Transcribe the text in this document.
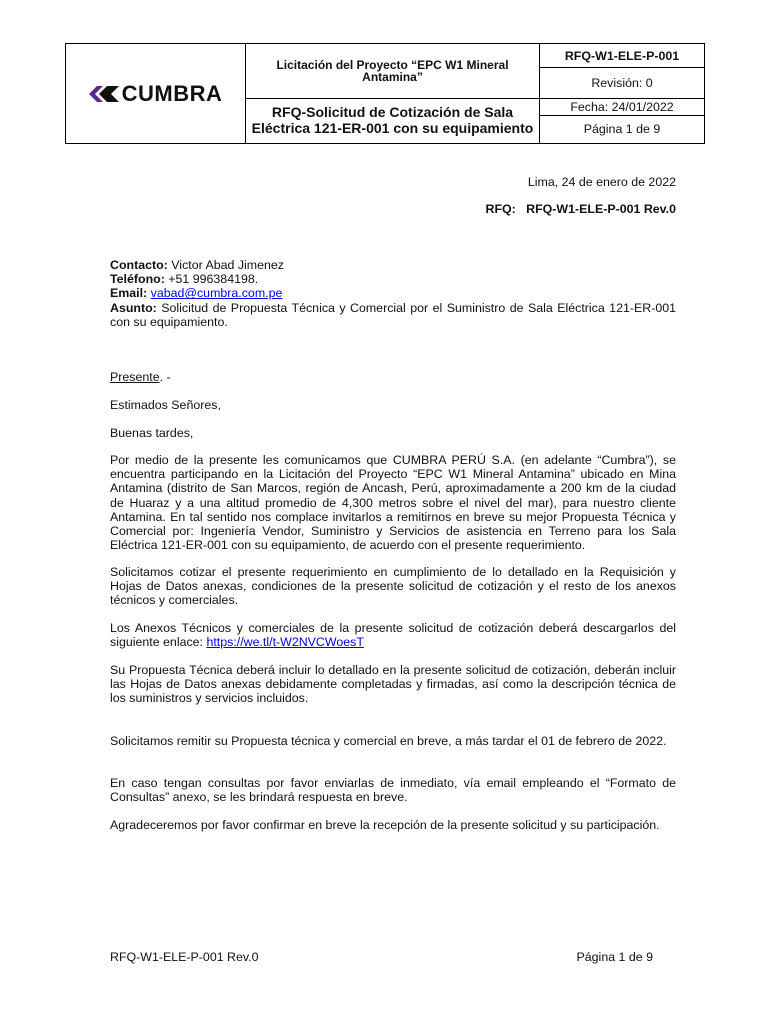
CUMBRA	Licitación del Proyecto “EPC W1 Mineral Antamina”	RFQ-W1-ELE-P-001
		Revisión: 0

	RFQ-Solicitud de Cotización de Sala Eléctrica 121-ER-001 con su equipamiento	Fecha: 24/01/2022
		Página 1 de 9
Lima, 24 de enero de 2022
RFQ: RFQ-W1-ELE-P-001 Rev.0
Contacto: Victor Abad Jimenez
Teléfono: +51 996384198.
Email: vabad@cumbra.com.pe
Asunto: Solicitud de Propuesta Técnica y Comercial por el Suministro de Sala Eléctrica 121-ER-001 con su equipamiento.
Presente. -
Estimados Señores,
Buenas tardes,

Por medio de la presente les comunicamos que CUMBRA PERÚ S.A. (en adelante “Cumbra”), se encuentra participando en la Licitación del Proyecto “EPC W1 Mineral Antamina” ubicado en Mina Antamina (distrito de San Marcos, región de Ancash, Perú, aproximadamente a 200 km de la ciudad de Huaraz y a una altitud promedio de 4,300 metros sobre el nivel del mar), para nuestro cliente Antamina. En tal sentido nos complace invitarlos a remitirnos en breve su mejor Propuesta Técnica y Comercial por: Ingeniería Vendor, Suministro y Servicios de asistencia en Terreno para los Sala Eléctrica 121-ER-001 con su equipamiento, de acuerdo con el presente requerimiento.

Solicitamos cotizar el presente requerimiento en cumplimiento de lo detallado en la Requisición y Hojas de Datos anexas, condiciones de la presente solicitud de cotización y el resto de los anexos técnicos y comerciales.

Los Anexos Técnicos y comerciales de la presente solicitud de cotización deberá descargarlos del siguiente enlace: https://we.tl/t-W2NVCWoesT

Su Propuesta Técnica deberá incluir lo detallado en la presente solicitud de cotización, deberán incluir las Hojas de Datos anexas debidamente completadas y firmadas, así como la descripción técnica de los suministros y servicios incluidos.

Solicitamos remitir su Propuesta técnica y comercial en breve, a más tardar el 01 de febrero de 2022.

En caso tengan consultas por favor enviarlas de inmediato, vía email empleando el “Formato de Consultas” anexo, se les brindará respuesta en breve.

Agradeceremos por favor confirmar en breve la recepción de la presente solicitud y su participación.

RFQ-W1-ELE-P-001 Rev.0	Página 1 de 9
